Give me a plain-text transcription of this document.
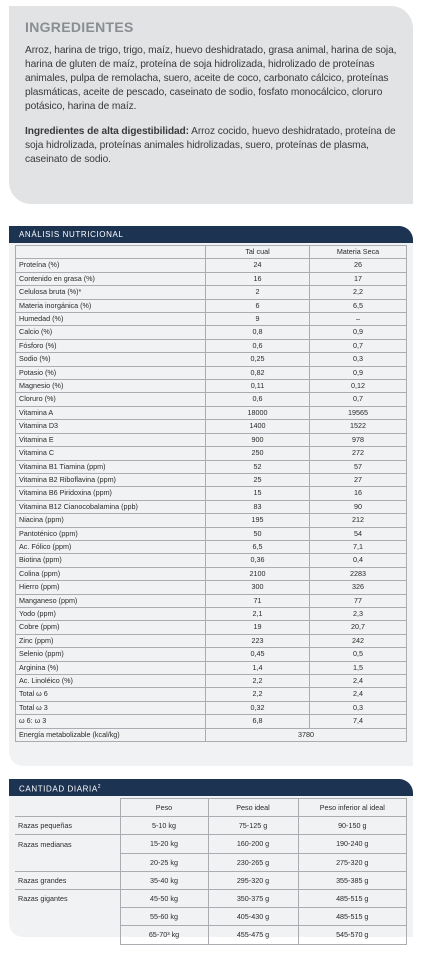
INGREDIENTES

Arroz, harina de trigo, trigo, maíz, huevo deshidratado, grasa animal, harina de soja, harina de gluten de maíz, proteína de soja hidrolizada, hidrolizado de proteínas animales, pulpa de remolacha, suero, aceite de coco, carbonato cálcico, proteínas plasmáticas, aceite de pescado, caseinato de sodio, fosfato monocálcico, cloruro potásico, harina de maíz.

Ingredientes de alta digestibilidad: Arroz cocido, huevo deshidratado, proteína de soja hidrolizada, proteínas animales hidrolizadas, suero, proteínas de plasma, caseinato de sodio.

ANÁLISIS NUTRICIONAL
	Tal cual	Materia Seca
Proteína (%)	24	26
Contenido en grasa (%)	16	17
Celulosa bruta (%)*	2	2,2
Materia inorgánica (%)	6	6,5
Humedad (%)	9	–
Calcio (%)	0,8	0,9
Fósforo (%)	0,6	0,7
Sodio (%)	0,25	0,3
Potasio (%)	0,82	0,9
Magnesio (%)	0,11	0,12
Cloruro (%)	0,6	0,7
Vitamina A	18000	19565
Vitamina D3	1400	1522
Vitamina E	900	978
Vitamina C	250	272
Vitamina B1 Tiamina (ppm)	52	57
Vitamina B2 Riboflavina (ppm)	25	27
Vitamina B6 Piridoxina (ppm)	15	16
Vitamina B12 Cianocobalamina (ppb)	83	90
Niacina (ppm)	195	212
Pantoténico (ppm)	50	54
Ac. Fólico (ppm)	6,5	7,1
Biotina (ppm)	0,36	0,4
Colina (ppm)	2100	2283
Hierro (ppm)	300	326
Manganeso (ppm)	71	77
Yodo (ppm)	2,1	2,3
Cobre (ppm)	19	20,7
Zinc (ppm)	223	242
Selenio (ppm)	0,45	0,5
Arginina (%)	1,4	1,5
Ac. Linoléico (%)	2,2	2,4
Total ω 6	2,2	2,4
Total ω 3	0,32	0,3
ω 6: ω 3	6,8	7,4
Energía metabolizable (kcal/kg)	3780	
CANTIDAD DIARIA$^2$
	Peso	Peso ideal	Peso inferior al ideal
Razas pequeñas	5-10 kg	75-125 g	90-150 g
Razas medianas	15-20 kg	160-200 g	190-240 g
	20-25 kg	230-265 g	275-320 g
Razas grandes	35-40 kg	295-320 g	355-385 g
Razas gigantes	45-50 kg	350-375 g	485-515 g
	55-60 kg	405-430 g	485-515 g
	65-70³ kg	455-475 g	545-570 g
